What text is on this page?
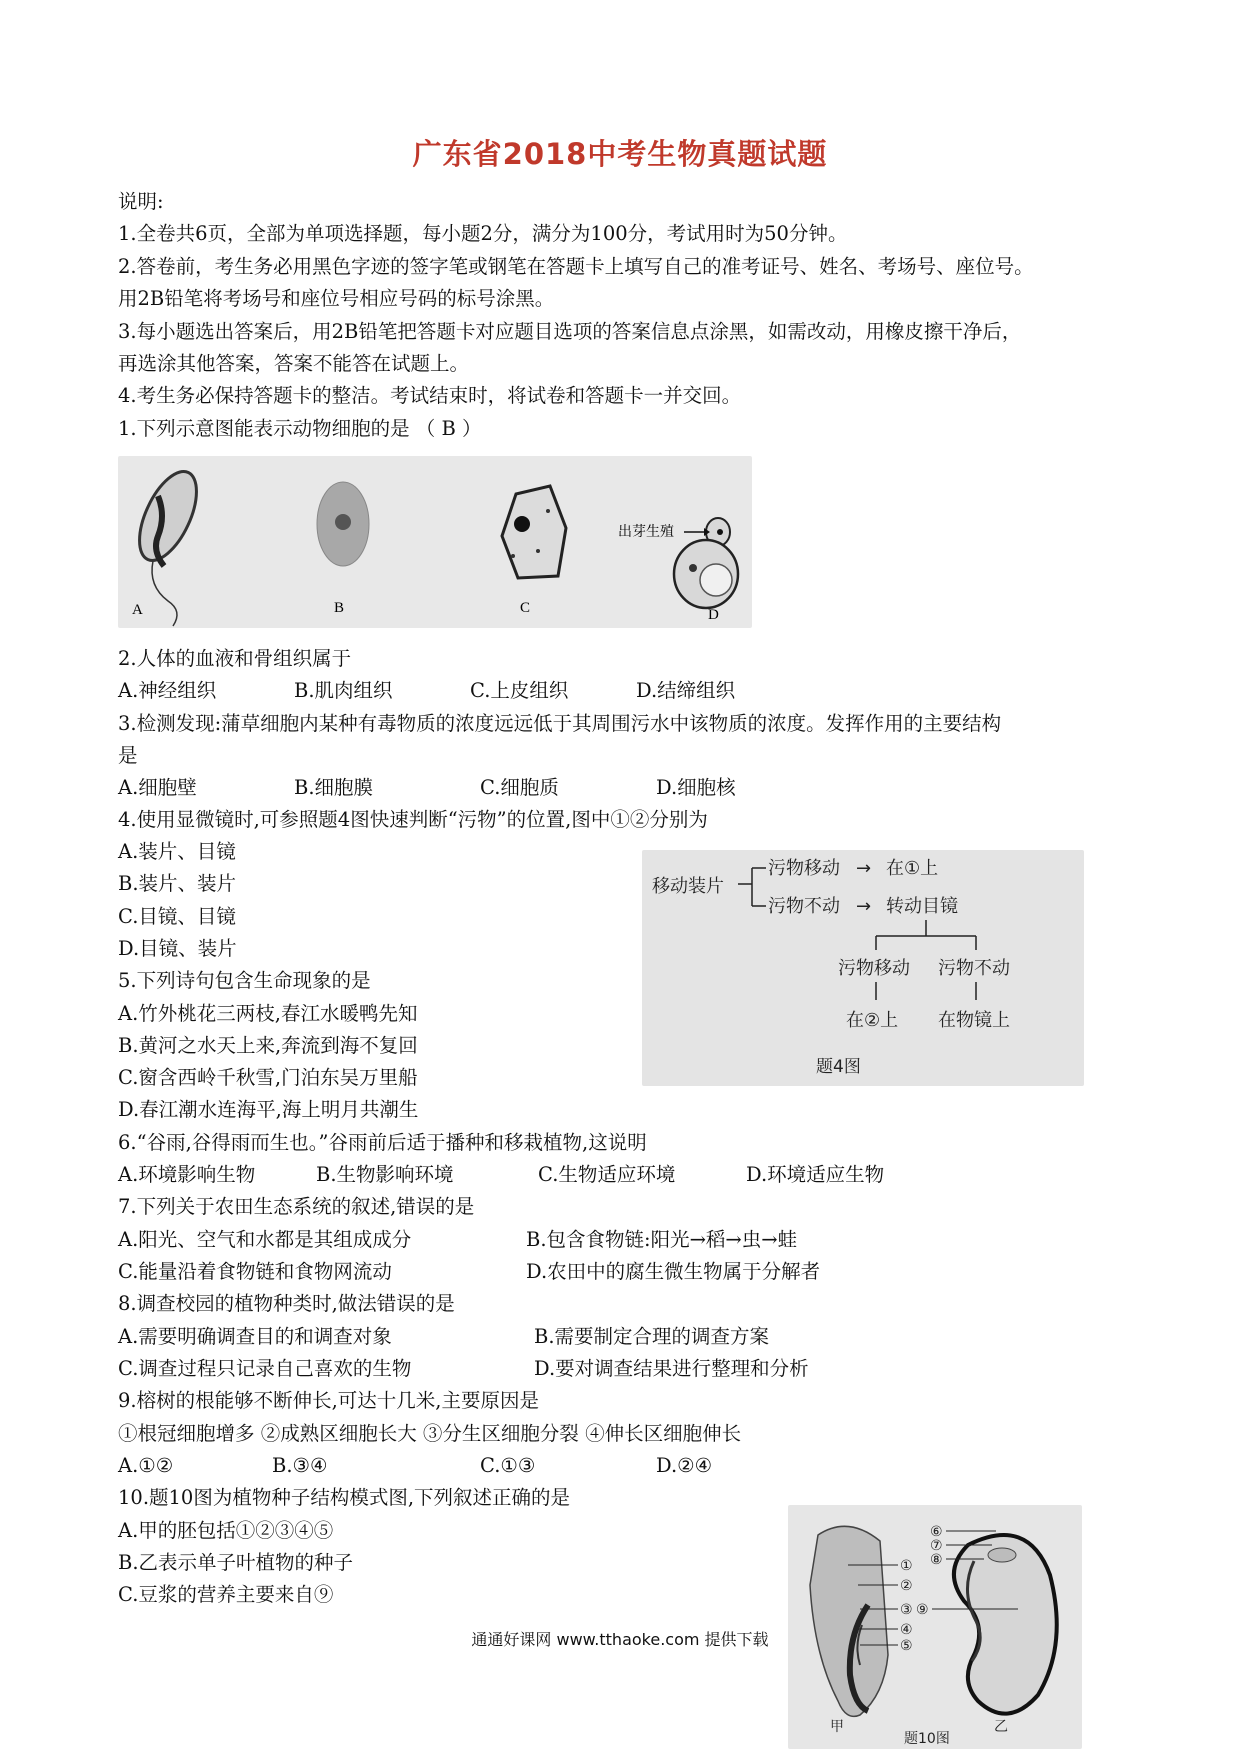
广东省2018中考生物真题试题
说明:
1.全卷共6页，全部为单项选择题，每小题2分，满分为100分，考试用时为50分钟。
2.答卷前，考生务必用黑色字迹的签字笔或钢笔在答题卡上填写自己的准考证号、姓名、考场号、座位号。
用2B铅笔将考场号和座位号相应号码的标号涂黑。
3.每小题选出答案后，用2B铅笔把答题卡对应题目选项的答案信息点涂黑，如需改动，用橡皮擦干净后，
再选涂其他答案，答案不能答在试题上。
4.考生务必保持答题卡的整洁。考试结束时，将试卷和答题卡一并交回。
1.下列示意图能表示动物细胞的是 （ B ）
A	B	C
出芽生殖
D
2.人体的血液和骨组织属于
A.神经组织	B.肌肉组织	C.上皮组织	D.结缔组织
3.检测发现:蒲草细胞内某种有毒物质的浓度远远低于其周围污水中该物质的浓度。发挥作用的主要结构
是
A.细胞壁	B.细胞膜	C.细胞质	D.细胞核
4.使用显微镜时,可参照题4图快速判断“污物”的位置,图中①②分别为
A.装片、目镜
B.装片、装片
C.目镜、目镜
D.目镜、装片
移动装片
污物移动 → 在①上
污物不动 → 转动目镜
污物移动 污物不动
在②上 在物镜上
题4图
5.下列诗句包含生命现象的是
A.竹外桃花三两枝,春江水暖鸭先知
B.黄河之水天上来,奔流到海不复回
C.窗含西岭千秋雪,门泊东吴万里船
D.春江潮水连海平,海上明月共潮生
6.“谷雨,谷得雨而生也。”谷雨前后适于播种和移栽植物,这说明
A.环境影响生物	B.生物影响环境	C.生物适应环境	D.环境适应生物
7.下列关于农田生态系统的叙述,错误的是
A.阳光、空气和水都是其组成成分	B.包含食物链:阳光→稻→虫→蛙
C.能量沿着食物链和食物网流动	D.农田中的腐生微生物属于分解者
8.调查校园的植物种类时,做法错误的是
A.需要明确调查目的和调查对象	B.需要制定合理的调查方案
C.调查过程只记录自己喜欢的生物	D.要对调查结果进行整理和分析
9.榕树的根能够不断伸长,可达十几米,主要原因是
①根冠细胞增多 ②成熟区细胞长大 ③分生区细胞分裂 ④伸长区细胞伸长
A.①②	B.③④	C.①③	D.②④
10.题10图为植物种子结构模式图,下列叙述正确的是
A.甲的胚包括①②③④⑤
B.乙表示单子叶植物的种子
C.豆浆的营养主要来自⑨
①
②
③
④
⑤
⑥
⑦
⑧
⑨
甲	乙
题10图
通通好课网 www.tthaoke.com 提供下载
